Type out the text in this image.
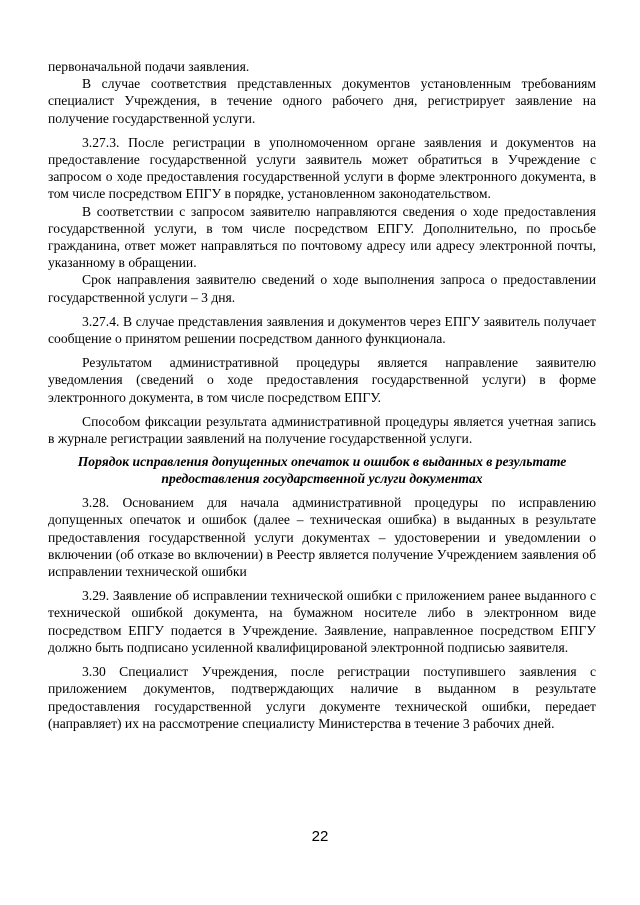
первоначальной подачи заявления.

В случае соответствия представленных документов установленным требованиям специалист Учреждения, в течение одного рабочего дня, регистрирует заявление на получение государственной услуги.

3.27.3. После регистрации в уполномоченном органе заявления и документов на предоставление государственной услуги заявитель может обратиться в Учреждение с запросом о ходе предоставления государственной услуги в форме электронного документа, в том числе посредством ЕПГУ в порядке, установленном законодательством.

В соответствии с запросом заявителю направляются сведения о ходе предоставления государственной услуги, в том числе посредством ЕПГУ. Дополнительно, по просьбе гражданина, ответ может направляться по почтовому адресу или адресу электронной почты, указанному в обращении.

Срок направления заявителю сведений о ходе выполнения запроса о предоставлении государственной услуги – 3 дня.

3.27.4. В случае представления заявления и документов через ЕПГУ заявитель получает сообщение о принятом решении посредством данного функционала.

Результатом административной процедуры является направление заявителю уведомления (сведений о ходе предоставления государственной услуги) в форме электронного документа, в том числе посредством ЕПГУ.

Способом фиксации результата административной процедуры является учетная запись в журнале регистрации заявлений на получение государственной услуги.

Порядок исправления допущенных опечаток и ошибок в выданных в результате предоставления государственной услуги документах

3.28. Основанием для начала административной процедуры по исправлению допущенных опечаток и ошибок (далее – техническая ошибка) в выданных в результате предоставления государственной услуги документах – удостоверении и уведомлении о включении (об отказе во включении) в Реестр является получение Учреждением заявления об исправлении технической ошибки

3.29. Заявление об исправлении технической ошибки с приложением ранее выданного с технической ошибкой документа, на бумажном носителе либо в электронном виде посредством ЕПГУ подается в Учреждение. Заявление, направленное посредством ЕПГУ должно быть подписано усиленной квалифицированой электронной подписью заявителя.

3.30 Специалист Учреждения, после регистрации поступившего заявления с приложением документов, подтверждающих наличие в выданном в результате предоставления государственной услуги документе технической ошибки, передает (направляет) их на рассмотрение специалисту Министерства в течение 3 рабочих дней.

22
